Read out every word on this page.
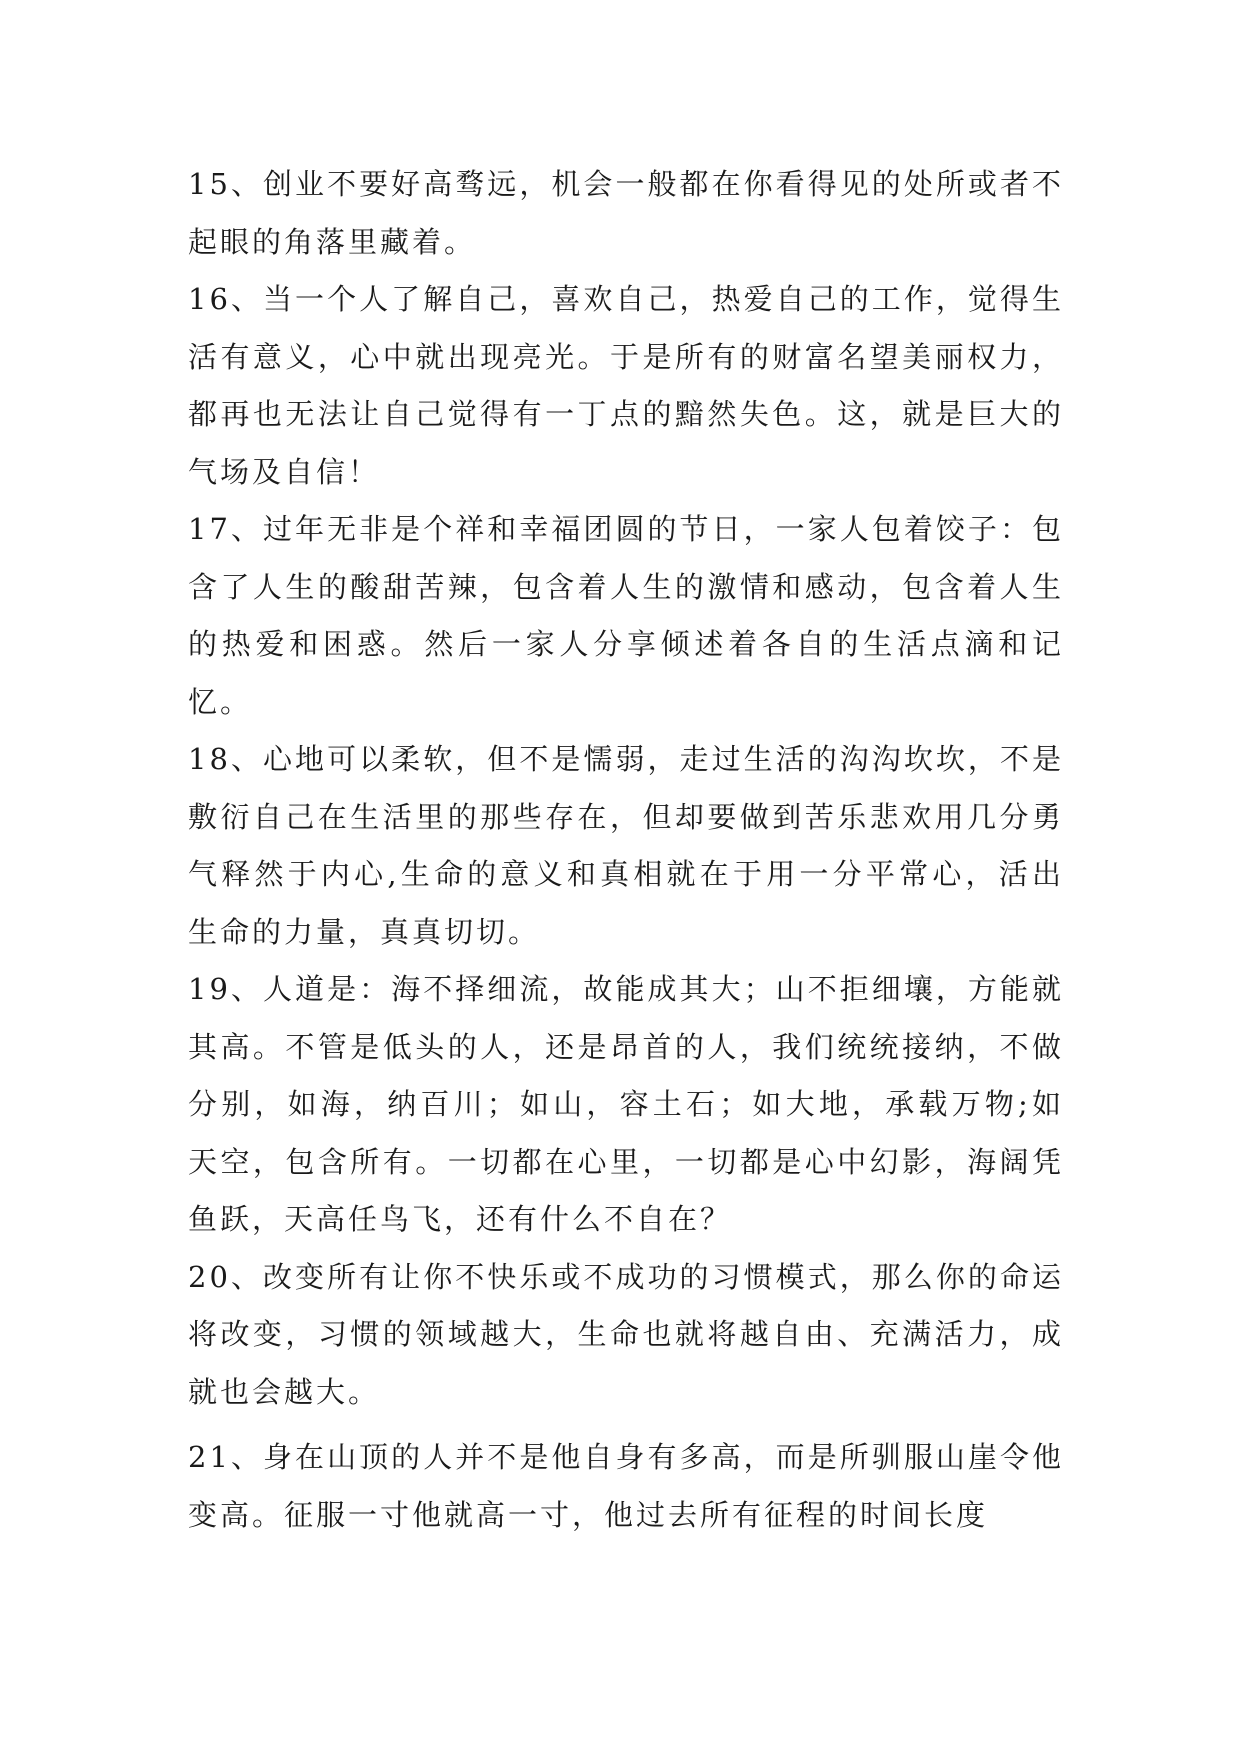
15、创业不要好高骛远，机会一般都在你看得见的处所或者不起眼的角落里藏着。

16、当一个人了解自己，喜欢自己，热爱自己的工作，觉得生活有意义，心中就出现亮光。于是所有的财富名望美丽权力，都再也无法让自己觉得有一丁点的黯然失色。这，就是巨大的气场及自信！

17、过年无非是个祥和幸福团圆的节日，一家人包着饺子：包含了人生的酸甜苦辣，包含着人生的激情和感动，包含着人生的热爱和困惑。然后一家人分享倾述着各自的生活点滴和记忆。

18、心地可以柔软，但不是懦弱，走过生活的沟沟坎坎，不是敷衍自己在生活里的那些存在，但却要做到苦乐悲欢用几分勇气释然于内心,生命的意义和真相就在于用一分平常心，活出生命的力量，真真切切。

19、人道是：海不择细流，故能成其大；山不拒细壤，方能就其高。不管是低头的人，还是昂首的人，我们统统接纳，不做分别，如海，纳百川；如山，容土石；如大地，承载万物;如天空，包含所有。一切都在心里，一切都是心中幻影，海阔凭鱼跃，天高任鸟飞，还有什么不自在？

20、改变所有让你不快乐或不成功的习惯模式，那么你的命运将改变，习惯的领域越大，生命也就将越自由、充满活力，成就也会越大。

21、身在山顶的人并不是他自身有多高，而是所驯服山崖令他变高。征服一寸他就高一寸，他过去所有征程的时间长度
